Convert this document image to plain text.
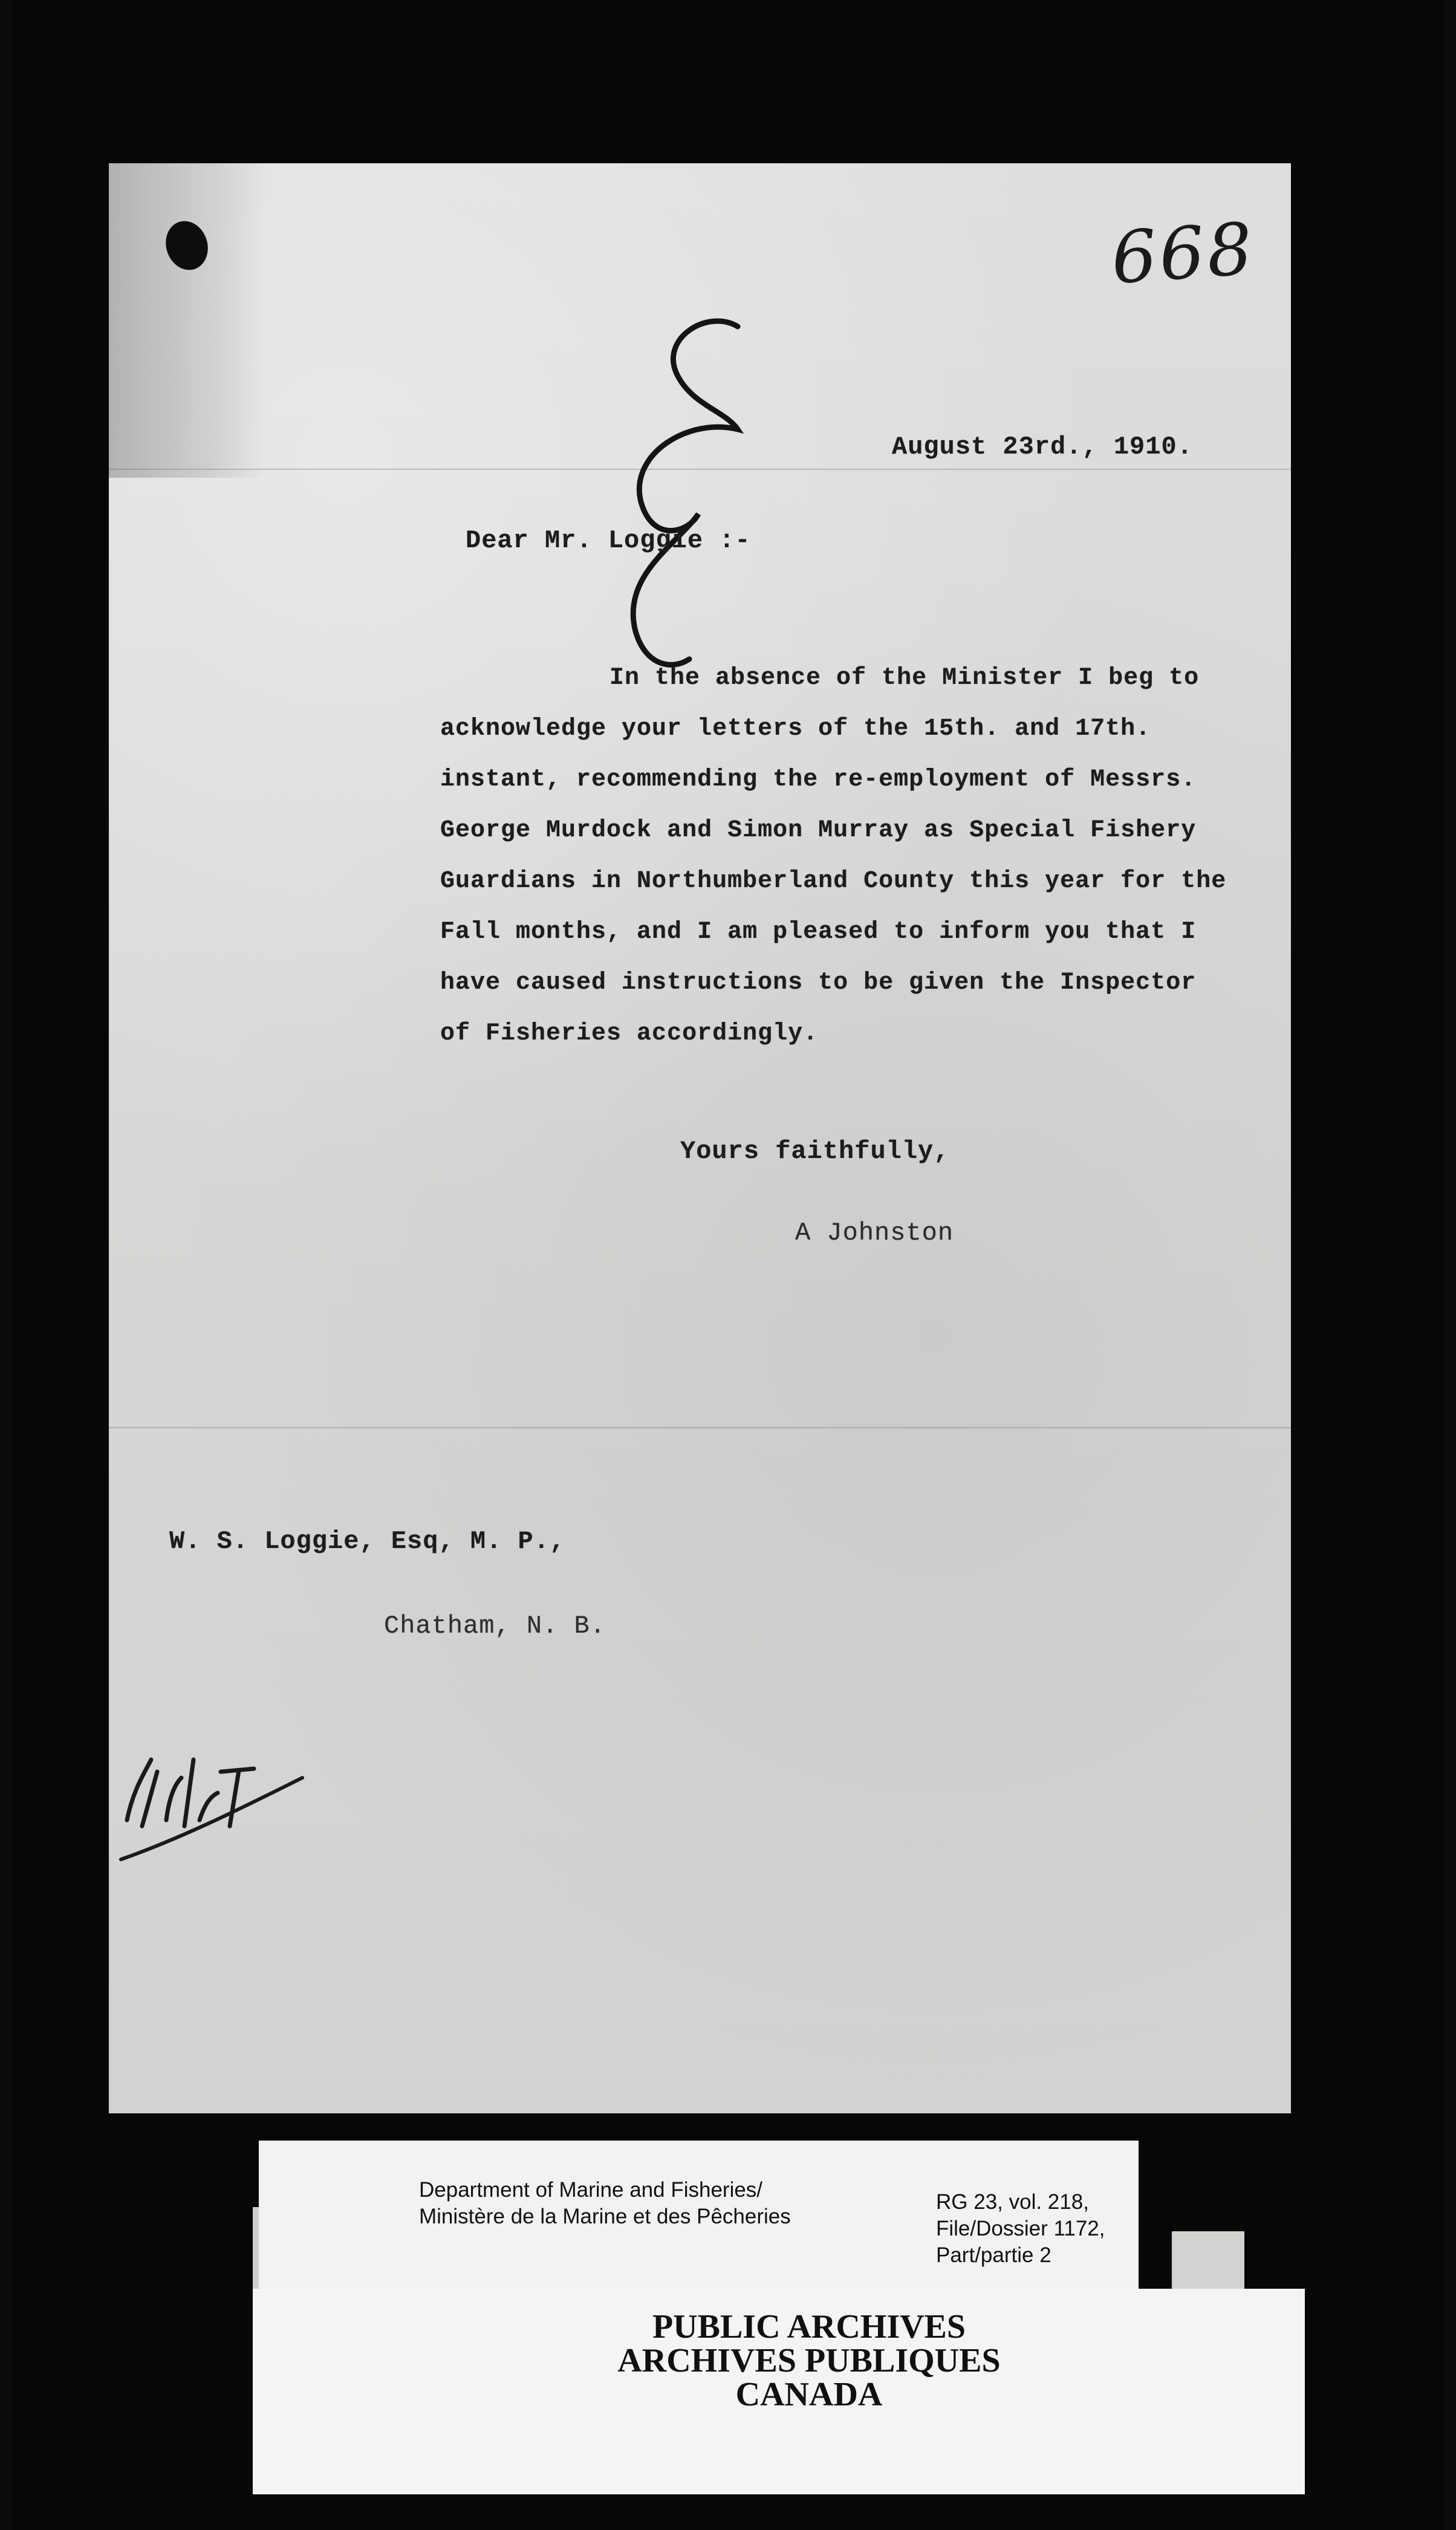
668
August 23rd., 1910.
Dear Mr. Loggie :-
In the absence of the Minister I beg to
acknowledge your letters of the 15th. and 17th.
instant, recommending the re-employment of Messrs.
George Murdock and Simon Murray as Special Fishery
Guardians in Northumberland County this year for the
Fall months, and I am pleased to inform you that I
have caused instructions to be given the Inspector
of Fisheries accordingly.
Yours faithfully,
A Johnston
W. S. Loggie, Esq, M. P.,
Chatham, N. B.
Department of Marine and Fisheries/
Ministère de la Marine et des Pêcheries
RG 23, vol. 218,
File/Dossier 1172,
Part/partie 2
PUBLIC ARCHIVES
ARCHIVES PUBLIQUES
CANADA
